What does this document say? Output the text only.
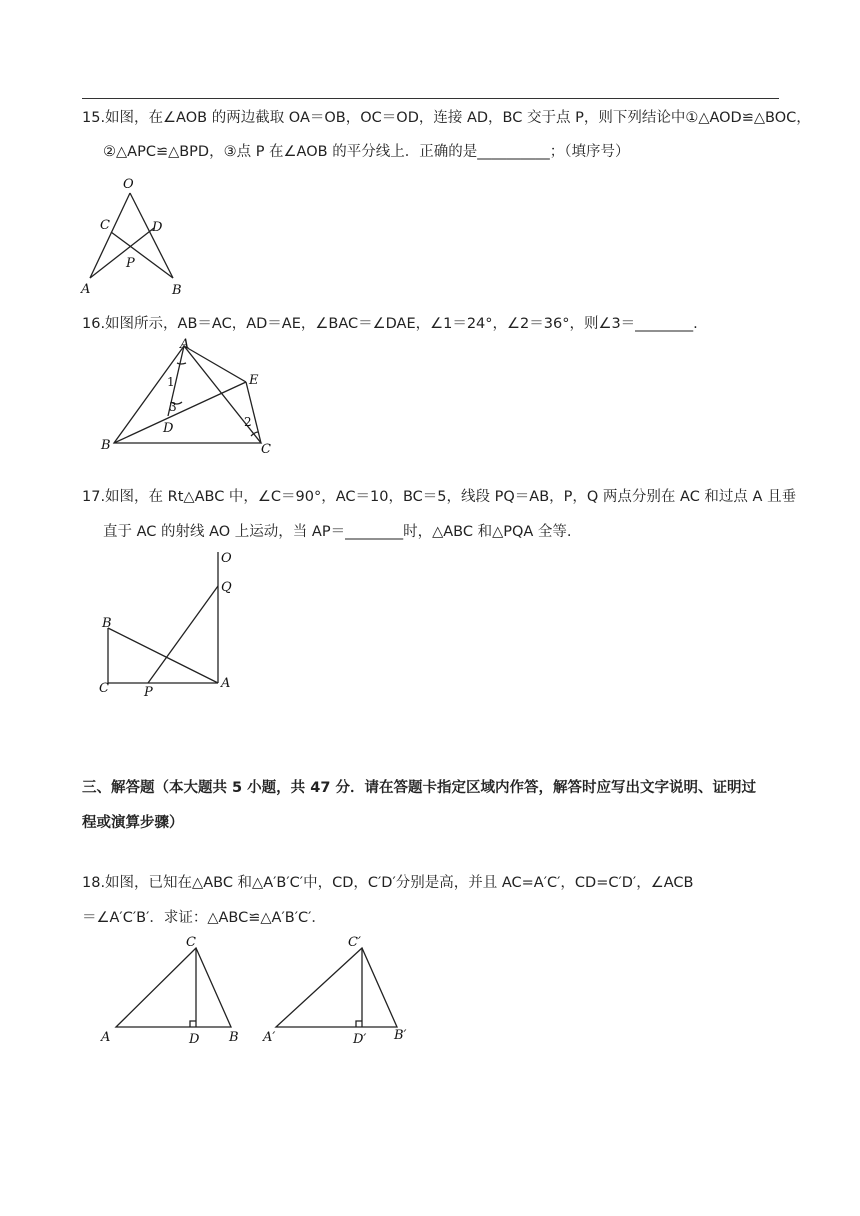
15.如图，在∠AOB 的两边截取 OA＝OB，OC＝OD，连接 AD，BC 交于点 P，则下列结论中①△AOD≌△BOC，
②△APC≌△BPD，③点 P 在∠AOB 的平分线上．正确的是__________；（填序号）
O
C	D
P
A	B
16.如图所示，AB＝AC，AD＝AE，∠BAC＝∠DAE，∠1＝24°，∠2＝36°，则∠3＝________.
A
E
1
3
D	2
B	C
17.如图，在 Rt△ABC 中，∠C＝90°，AC＝10，BC＝5，线段 PQ＝AB，P，Q 两点分别在 AC 和过点 A 且垂
直于 AC 的射线 AO 上运动，当 AP＝________时，△ABC 和△PQA 全等.
O
Q
B
C	P
A
三、解答题（本大题共 5 小题，共 47 分．请在答题卡指定区域内作答，解答时应写出文字说明、证明过
程或演算步骤）
18.如图，已知在△ABC 和△A′B′C′中，CD，C′D′分别是高，并且 AC=A′C′，CD=C′D′，∠ACB
＝∠A′C′B′．求证：△ABC≌△A′B′C′．
C
A	D B
C′
A′	D′ B′
